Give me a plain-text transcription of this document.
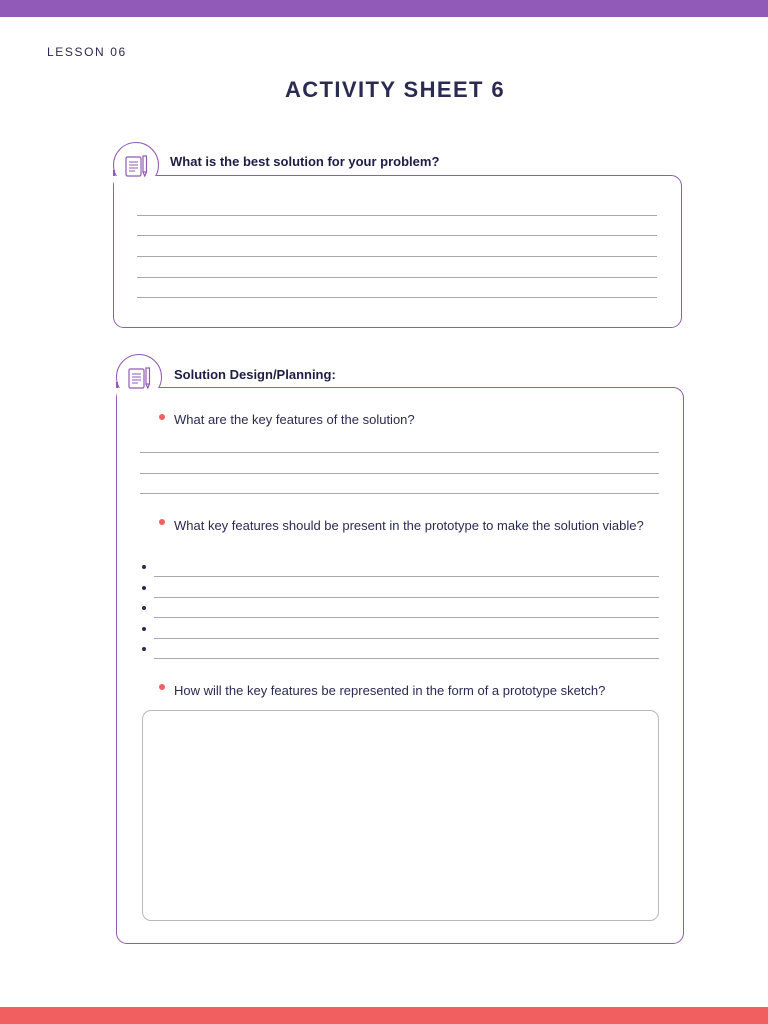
LESSON 06
ACTIVITY SHEET 6
What is the best solution for your problem?
Solution Design/Planning:
What are the key features of the solution?
What key features should be present in the prototype to make the solution viable?
How will the key features be represented in the form of a prototype sketch?
